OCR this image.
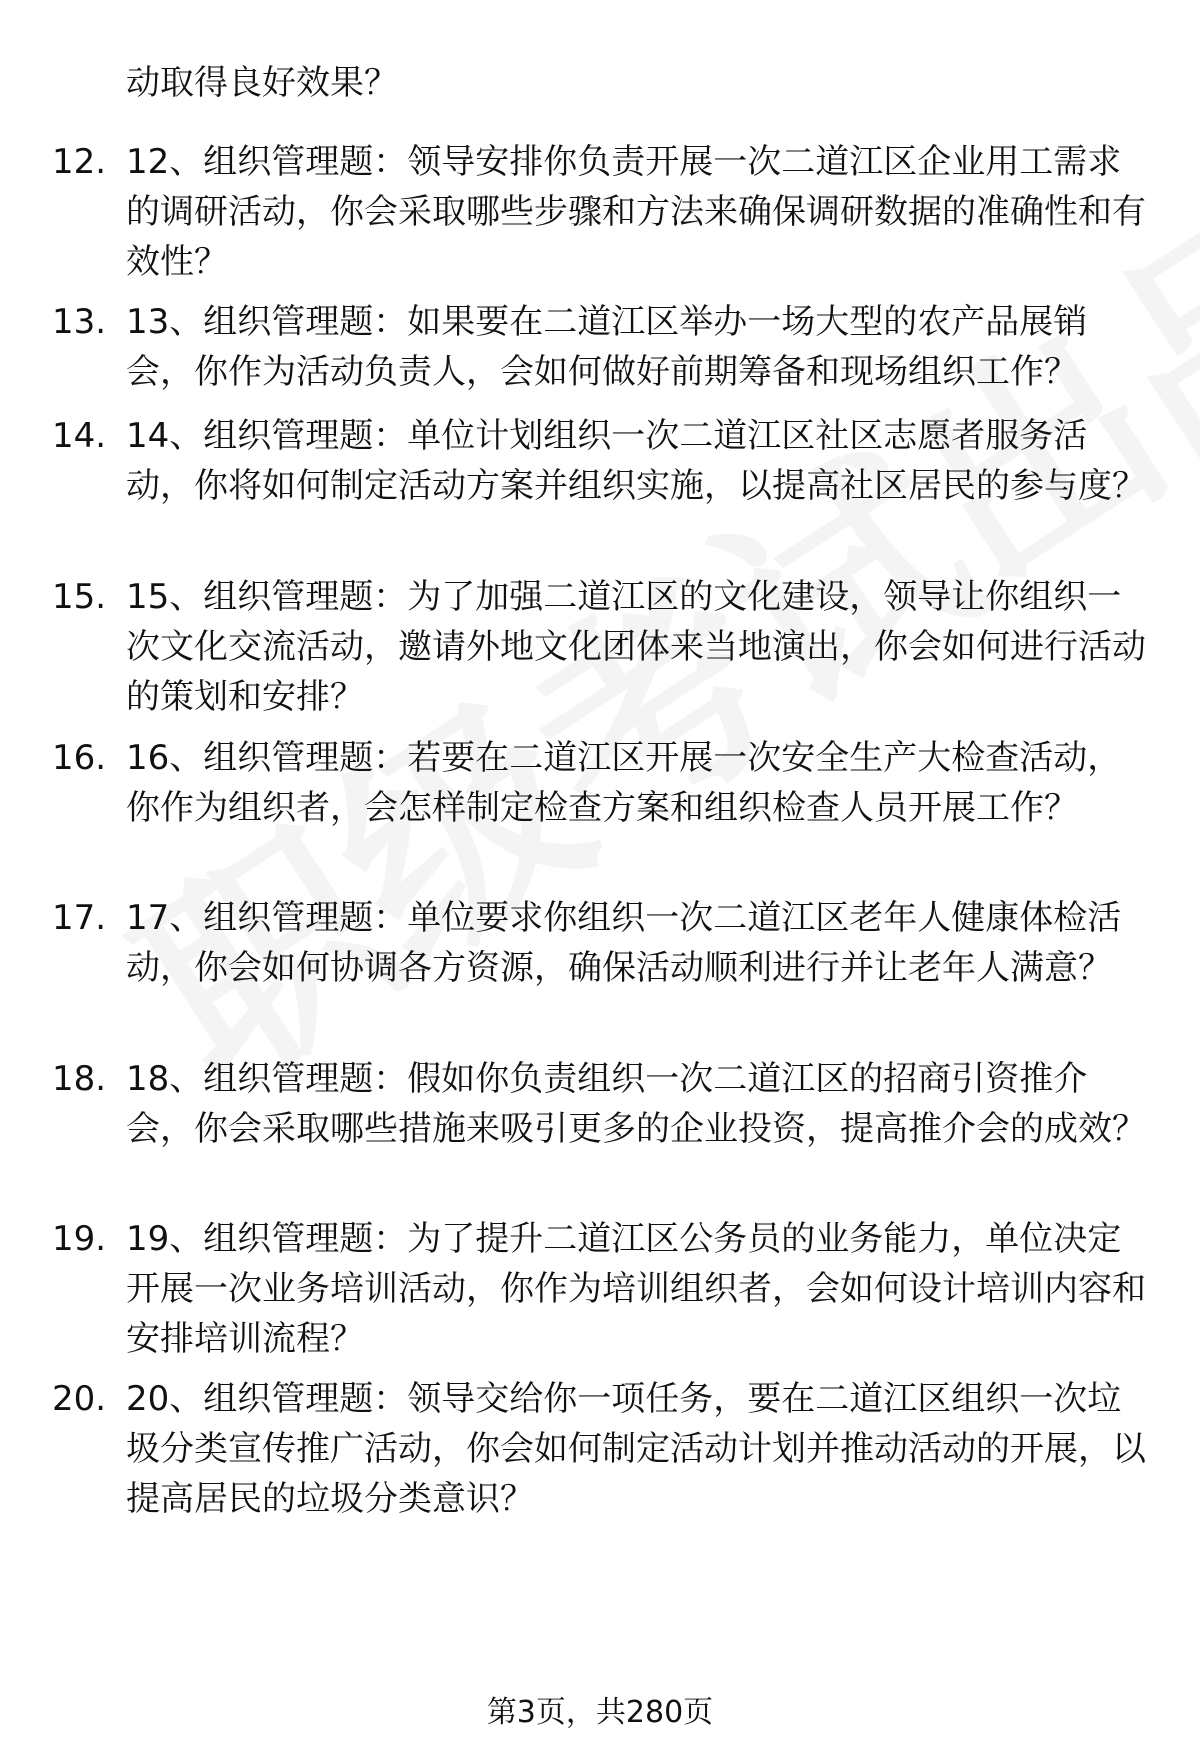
动取得良好效果？
12. 12、组织管理题：领导安排你负责开展一次二道江区企业用工需求的调研活动，你会采取哪些步骤和方法来确保调研数据的准确性和有效性？
13. 13、组织管理题：如果要在二道江区举办一场大型的农产品展销会，你作为活动负责人，会如何做好前期筹备和现场组织工作？
14. 14、组织管理题：单位计划组织一次二道江区社区志愿者服务活动，你将如何制定活动方案并组织实施，以提高社区居民的参与度？
15. 15、组织管理题：为了加强二道江区的文化建设，领导让你组织一次文化交流活动，邀请外地文化团体来当地演出，你会如何进行活动的策划和安排？
16. 16、组织管理题：若要在二道江区开展一次安全生产大检查活动，你作为组织者，会怎样制定检查方案和组织检查人员开展工作？
17. 17、组织管理题：单位要求你组织一次二道江区老年人健康体检活动，你会如何协调各方资源，确保活动顺利进行并让老年人满意？
18. 18、组织管理题：假如你负责组织一次二道江区的招商引资推介会，你会采取哪些措施来吸引更多的企业投资，提高推介会的成效？
19. 19、组织管理题：为了提升二道江区公务员的业务能力，单位决定开展一次业务培训活动，你作为培训组织者，会如何设计培训内容和安排培训流程？
20. 20、组织管理题：领导交给你一项任务，要在二道江区组织一次垃圾分类宣传推广活动，你会如何制定活动计划并推动活动的开展，以提高居民的垃圾分类意识？
第3页，共280页
